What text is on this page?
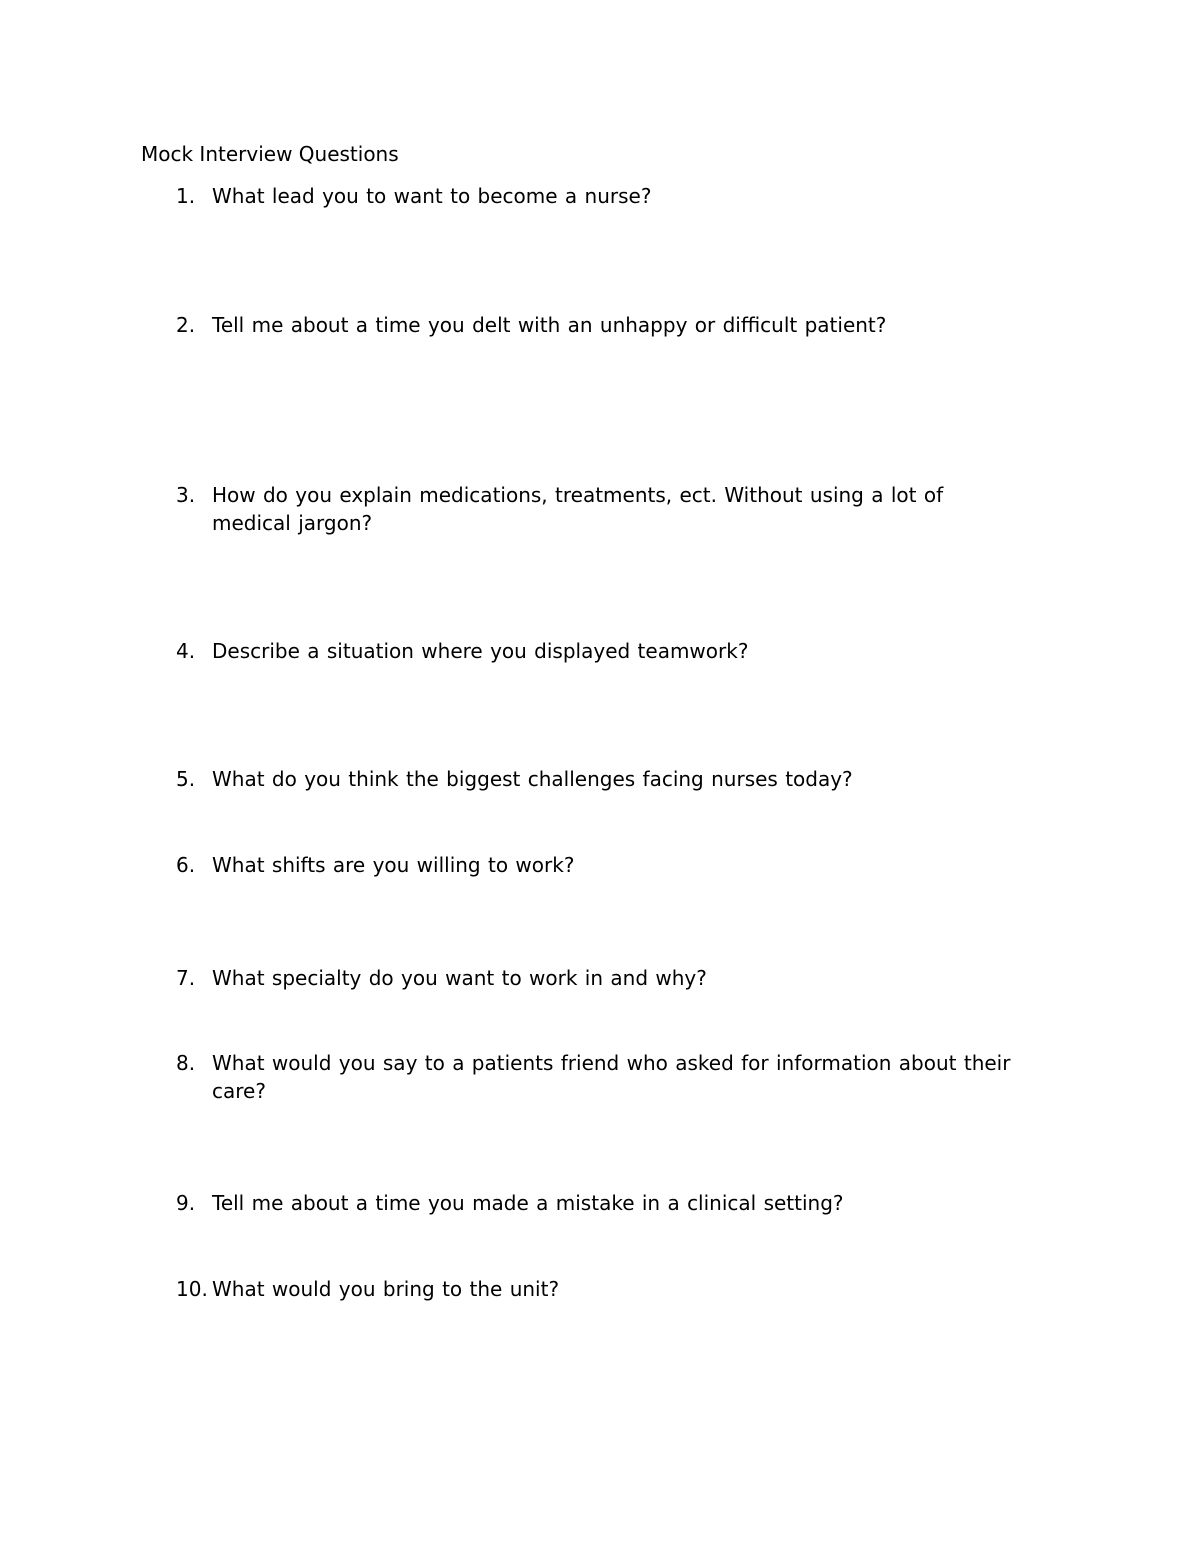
Mock Interview Questions
1. What lead you to want to become a nurse?
2. Tell me about a time you delt with an unhappy or difficult patient?
3. How do you explain medications, treatments, ect. Without using a lot of medical jargon?
4. Describe a situation where you displayed teamwork?
5. What do you think the biggest challenges facing nurses today?
6. What shifts are you willing to work?
7. What specialty do you want to work in and why?
8. What would you say to a patients friend who asked for information about their care?
9. Tell me about a time you made a mistake in a clinical setting?
10. What would you bring to the unit?
